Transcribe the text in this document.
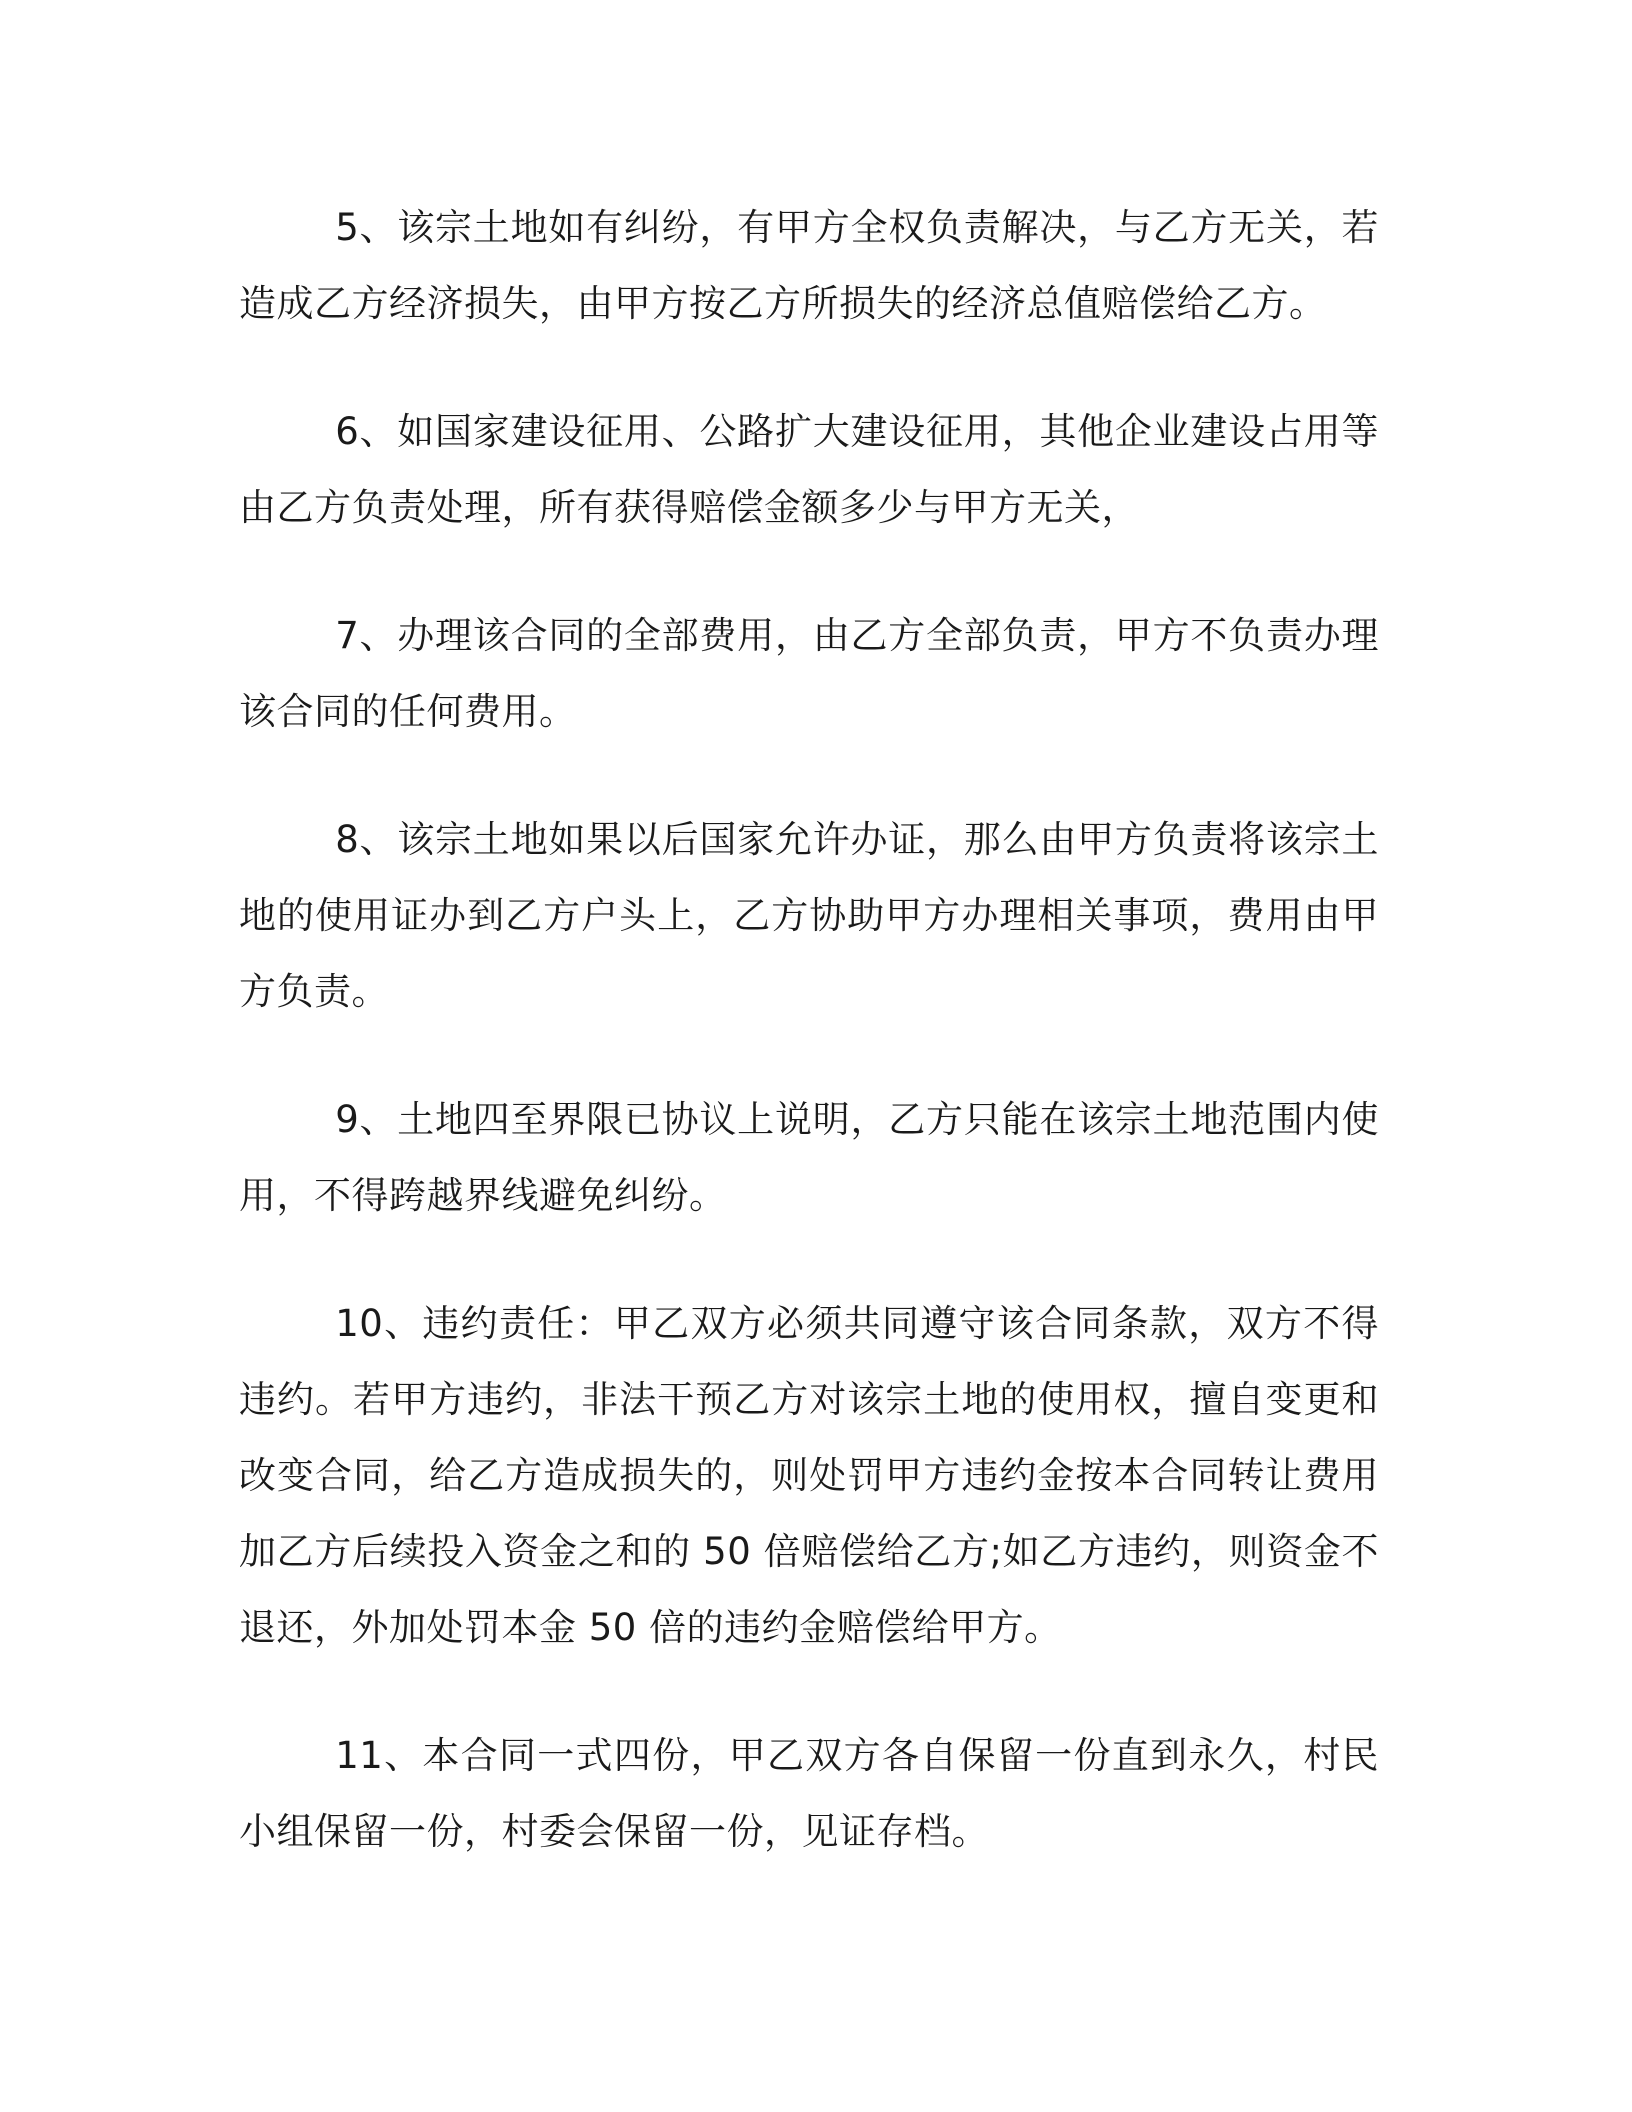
5、该宗土地如有纠纷，有甲方全权负责解决，与乙方无关，若造成乙方经济损失，由甲方按乙方所损失的经济总值赔偿给乙方。

6、如国家建设征用、公路扩大建设征用，其他企业建设占用等由乙方负责处理，所有获得赔偿金额多少与甲方无关，

7、办理该合同的全部费用，由乙方全部负责，甲方不负责办理该合同的任何费用。

8、该宗土地如果以后国家允许办证，那么由甲方负责将该宗土地的使用证办到乙方户头上，乙方协助甲方办理相关事项，费用由甲方负责。

9、土地四至界限已协议上说明，乙方只能在该宗土地范围内使用，不得跨越界线避免纠纷。

10、违约责任：甲乙双方必须共同遵守该合同条款，双方不得违约。若甲方违约，非法干预乙方对该宗土地的使用权，擅自变更和改变合同，给乙方造成损失的，则处罚甲方违约金按本合同转让费用加乙方后续投入资金之和的 50 倍赔偿给乙方;如乙方违约，则资金不退还，外加处罚本金 50 倍的违约金赔偿给甲方。

11、本合同一式四份，甲乙双方各自保留一份直到永久，村民小组保留一份，村委会保留一份，见证存档。
